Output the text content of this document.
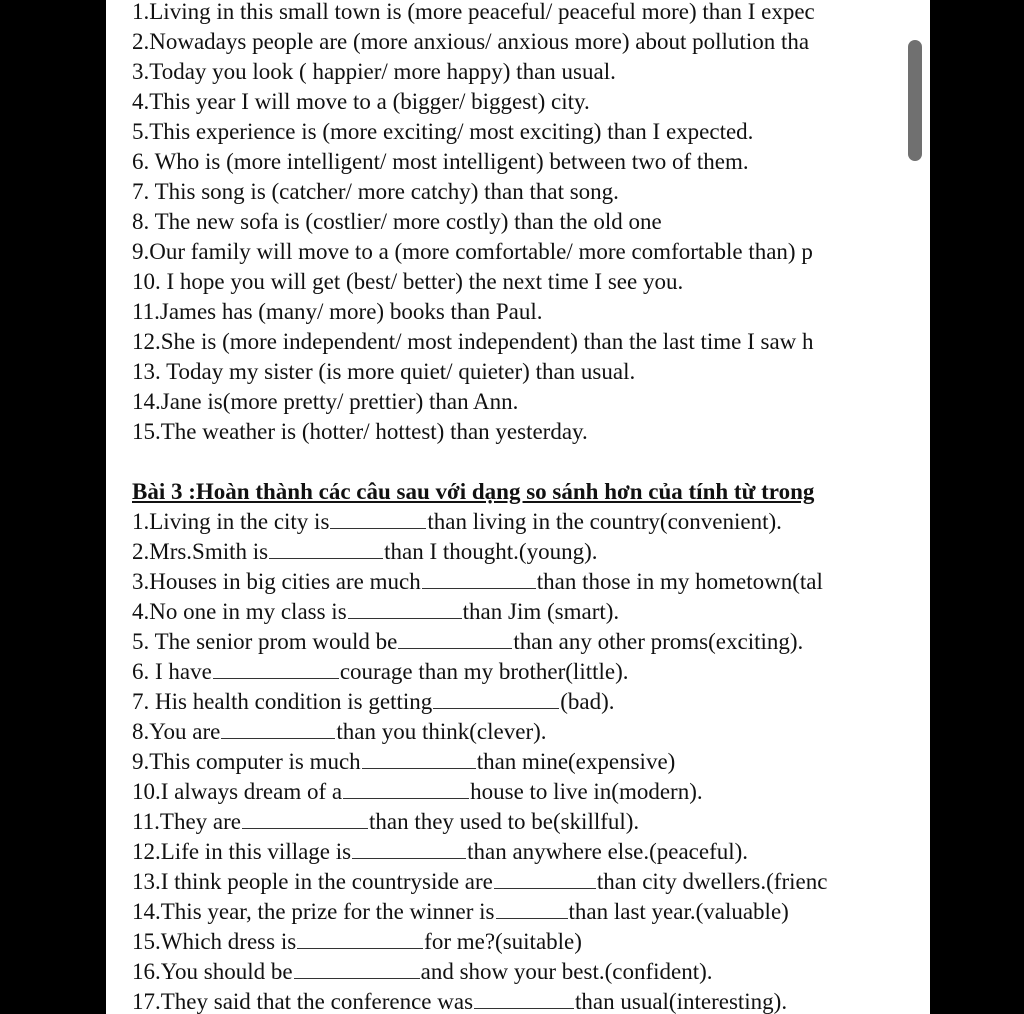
1.Living in this small town is (more peaceful/ peaceful more) than I expec
2.Nowadays people are (more anxious/ anxious more) about pollution tha
3.Today you look ( happier/ more happy) than usual.
4.This year I will move to a (bigger/ biggest) city.
5.This experience is (more exciting/ most exciting) than I expected.
6. Who is (more intelligent/ most intelligent) between two of them.
7. This song is (catcher/ more catchy) than that song.
8. The new sofa is (costlier/ more costly) than the old one
9.Our family will move to a (more comfortable/ more comfortable than) p
10. I hope you will get (best/ better) the next time I see you.
11.James has (many/ more) books than Paul.
12.She is (more independent/ most independent) than the last time I saw h
13. Today my sister (is more quiet/ quieter) than usual.
14.Jane is(more pretty/ prettier) than Ann.
15.The weather is (hotter/ hottest) than yesterday.
Bài 3 :Hoàn thành các câu sau với dạng so sánh hơn của tính từ trong
1.Living in the city is	than living in the country(convenient).
2.Mrs.Smith is	than I thought.(young).
3.Houses in big cities are much	than those in my hometown(tal
4.No one in my class is	than Jim (smart).
5. The senior prom would be	than any other proms(exciting).
6. I have	courage than my brother(little).
7. His health condition is getting	(bad).
8.You are	than you think(clever).
9.This computer is much	than mine(expensive)
10.I always dream of a	house to live in(modern).
11.They are	than they used to be(skillful).
12.Life in this village is	than anywhere else.(peaceful).
13.I think people in the countryside are	than city dwellers.(frienc
14.This year, the prize for the winner is	than last year.(valuable)
15.Which dress is	for me?(suitable)
16.You should be	and show your best.(confident).
17.They said that the conference was	than usual(interesting).
